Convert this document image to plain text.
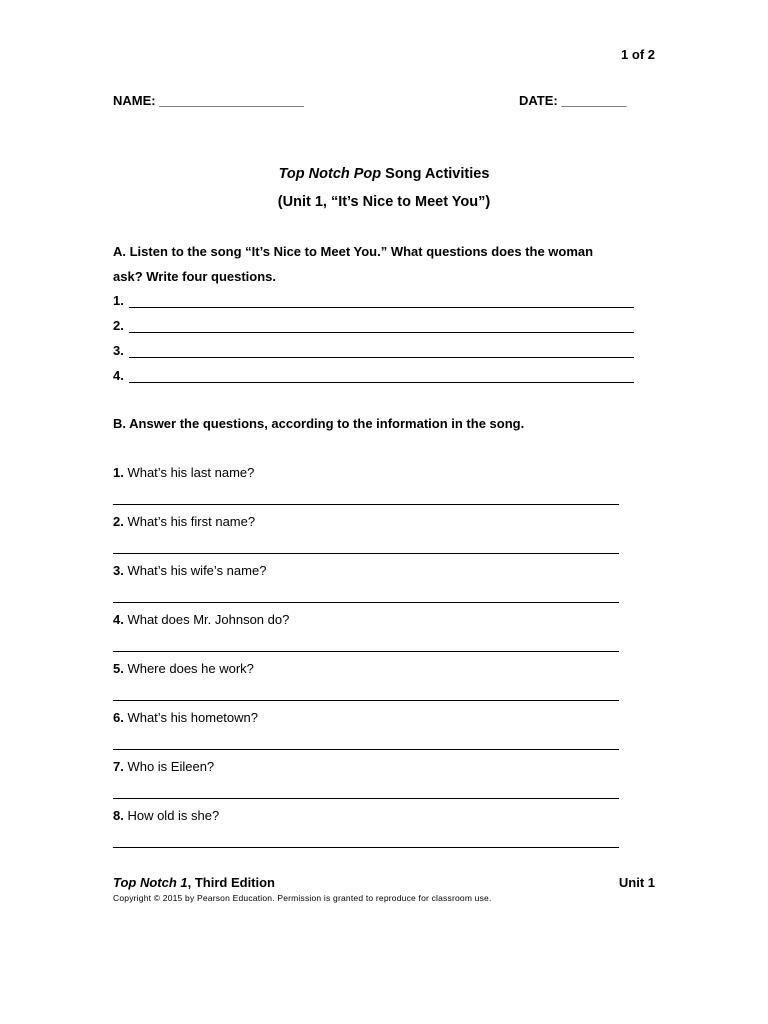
1 of 2
NAME: ____________________	DATE: _________
Top Notch Pop Song Activities
(Unit 1, “It’s Nice to Meet You”)
A. Listen to the song “It’s Nice to Meet You.” What questions does the woman
ask? Write four questions.
1.
2.
3.
4.
B. Answer the questions, according to the information in the song.
1. What’s his last name?
2. What’s his first name?
3. What’s his wife’s name?
4. What does Mr. Johnson do?
5. Where does he work?
6. What’s his hometown?
7. Who is Eileen?
8. How old is she?
Top Notch 1, Third Edition	Unit 1
Copyright © 2015 by Pearson Education. Permission is granted to reproduce for classroom use.
